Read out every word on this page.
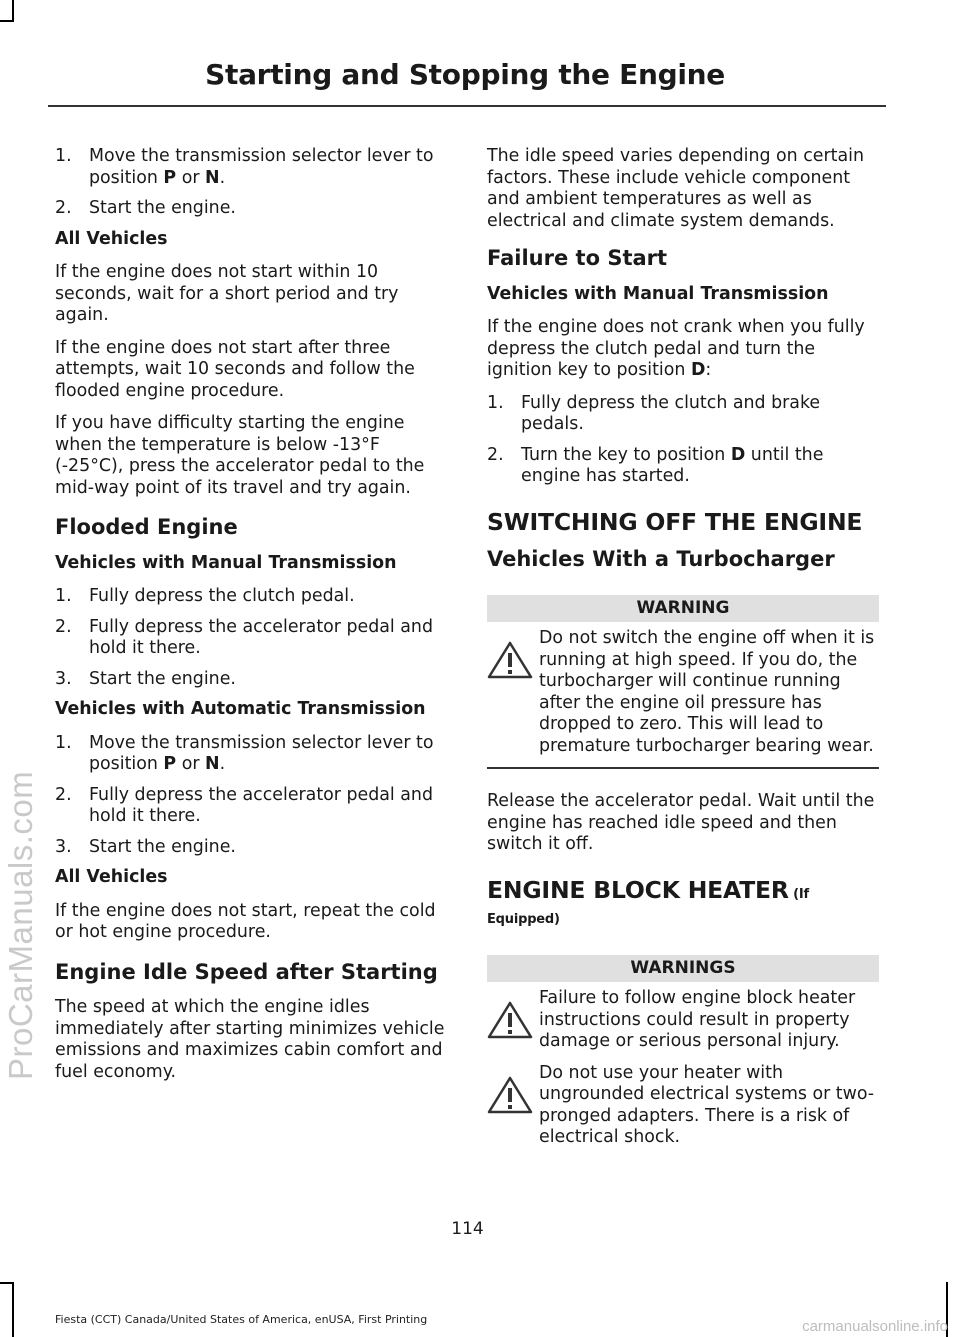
Starting and Stopping the Engine
ProCarManuals.com
1.	Move the transmission selector lever to position P or N.
2.	Start the engine.
All Vehicles

If the engine does not start within 10 seconds, wait for a short period and try again.

If the engine does not start after three attempts, wait 10 seconds and follow the flooded engine procedure.

If you have difficulty starting the engine when the temperature is below -13°F (-25°C), press the accelerator pedal to the mid-way point of its travel and try again.

Flooded Engine
Vehicles with Manual Transmission
1.	Fully depress the clutch pedal.
2.	Fully depress the accelerator pedal and hold it there.
3.	Start the engine.
Vehicles with Automatic Transmission
1.	Move the transmission selector lever to position P or N.
2.	Fully depress the accelerator pedal and hold it there.
3.	Start the engine.
All Vehicles

If the engine does not start, repeat the cold or hot engine procedure.

Engine Idle Speed after Starting

The speed at which the engine idles immediately after starting minimizes vehicle emissions and maximizes cabin comfort and fuel economy.

The idle speed varies depending on certain factors. These include vehicle component and ambient temperatures as well as electrical and climate system demands.

Failure to Start
Vehicles with Manual Transmission

If the engine does not crank when you fully depress the clutch pedal and turn the ignition key to position D:

1.	Fully depress the clutch and brake pedals.
2.	Turn the key to position D until the engine has started.
SWITCHING OFF THE ENGINE
Vehicles With a Turbocharger
WARNING
Do not switch the engine off when it is running at high speed. If you do, the turbocharger will continue running after the engine oil pressure has dropped to zero. This will lead to premature turbocharger bearing wear.

Release the accelerator pedal. Wait until the engine has reached idle speed and then switch it off.

ENGINE BLOCK HEATER (If Equipped)
WARNINGS
Failure to follow engine block heater instructions could result in property damage or serious personal injury.
Do not use your heater with ungrounded electrical systems or two-pronged adapters. There is a risk of electrical shock.
114
Fiesta (CCT) Canada/United States of America, enUSA, First Printing	carmanualsonline.info
